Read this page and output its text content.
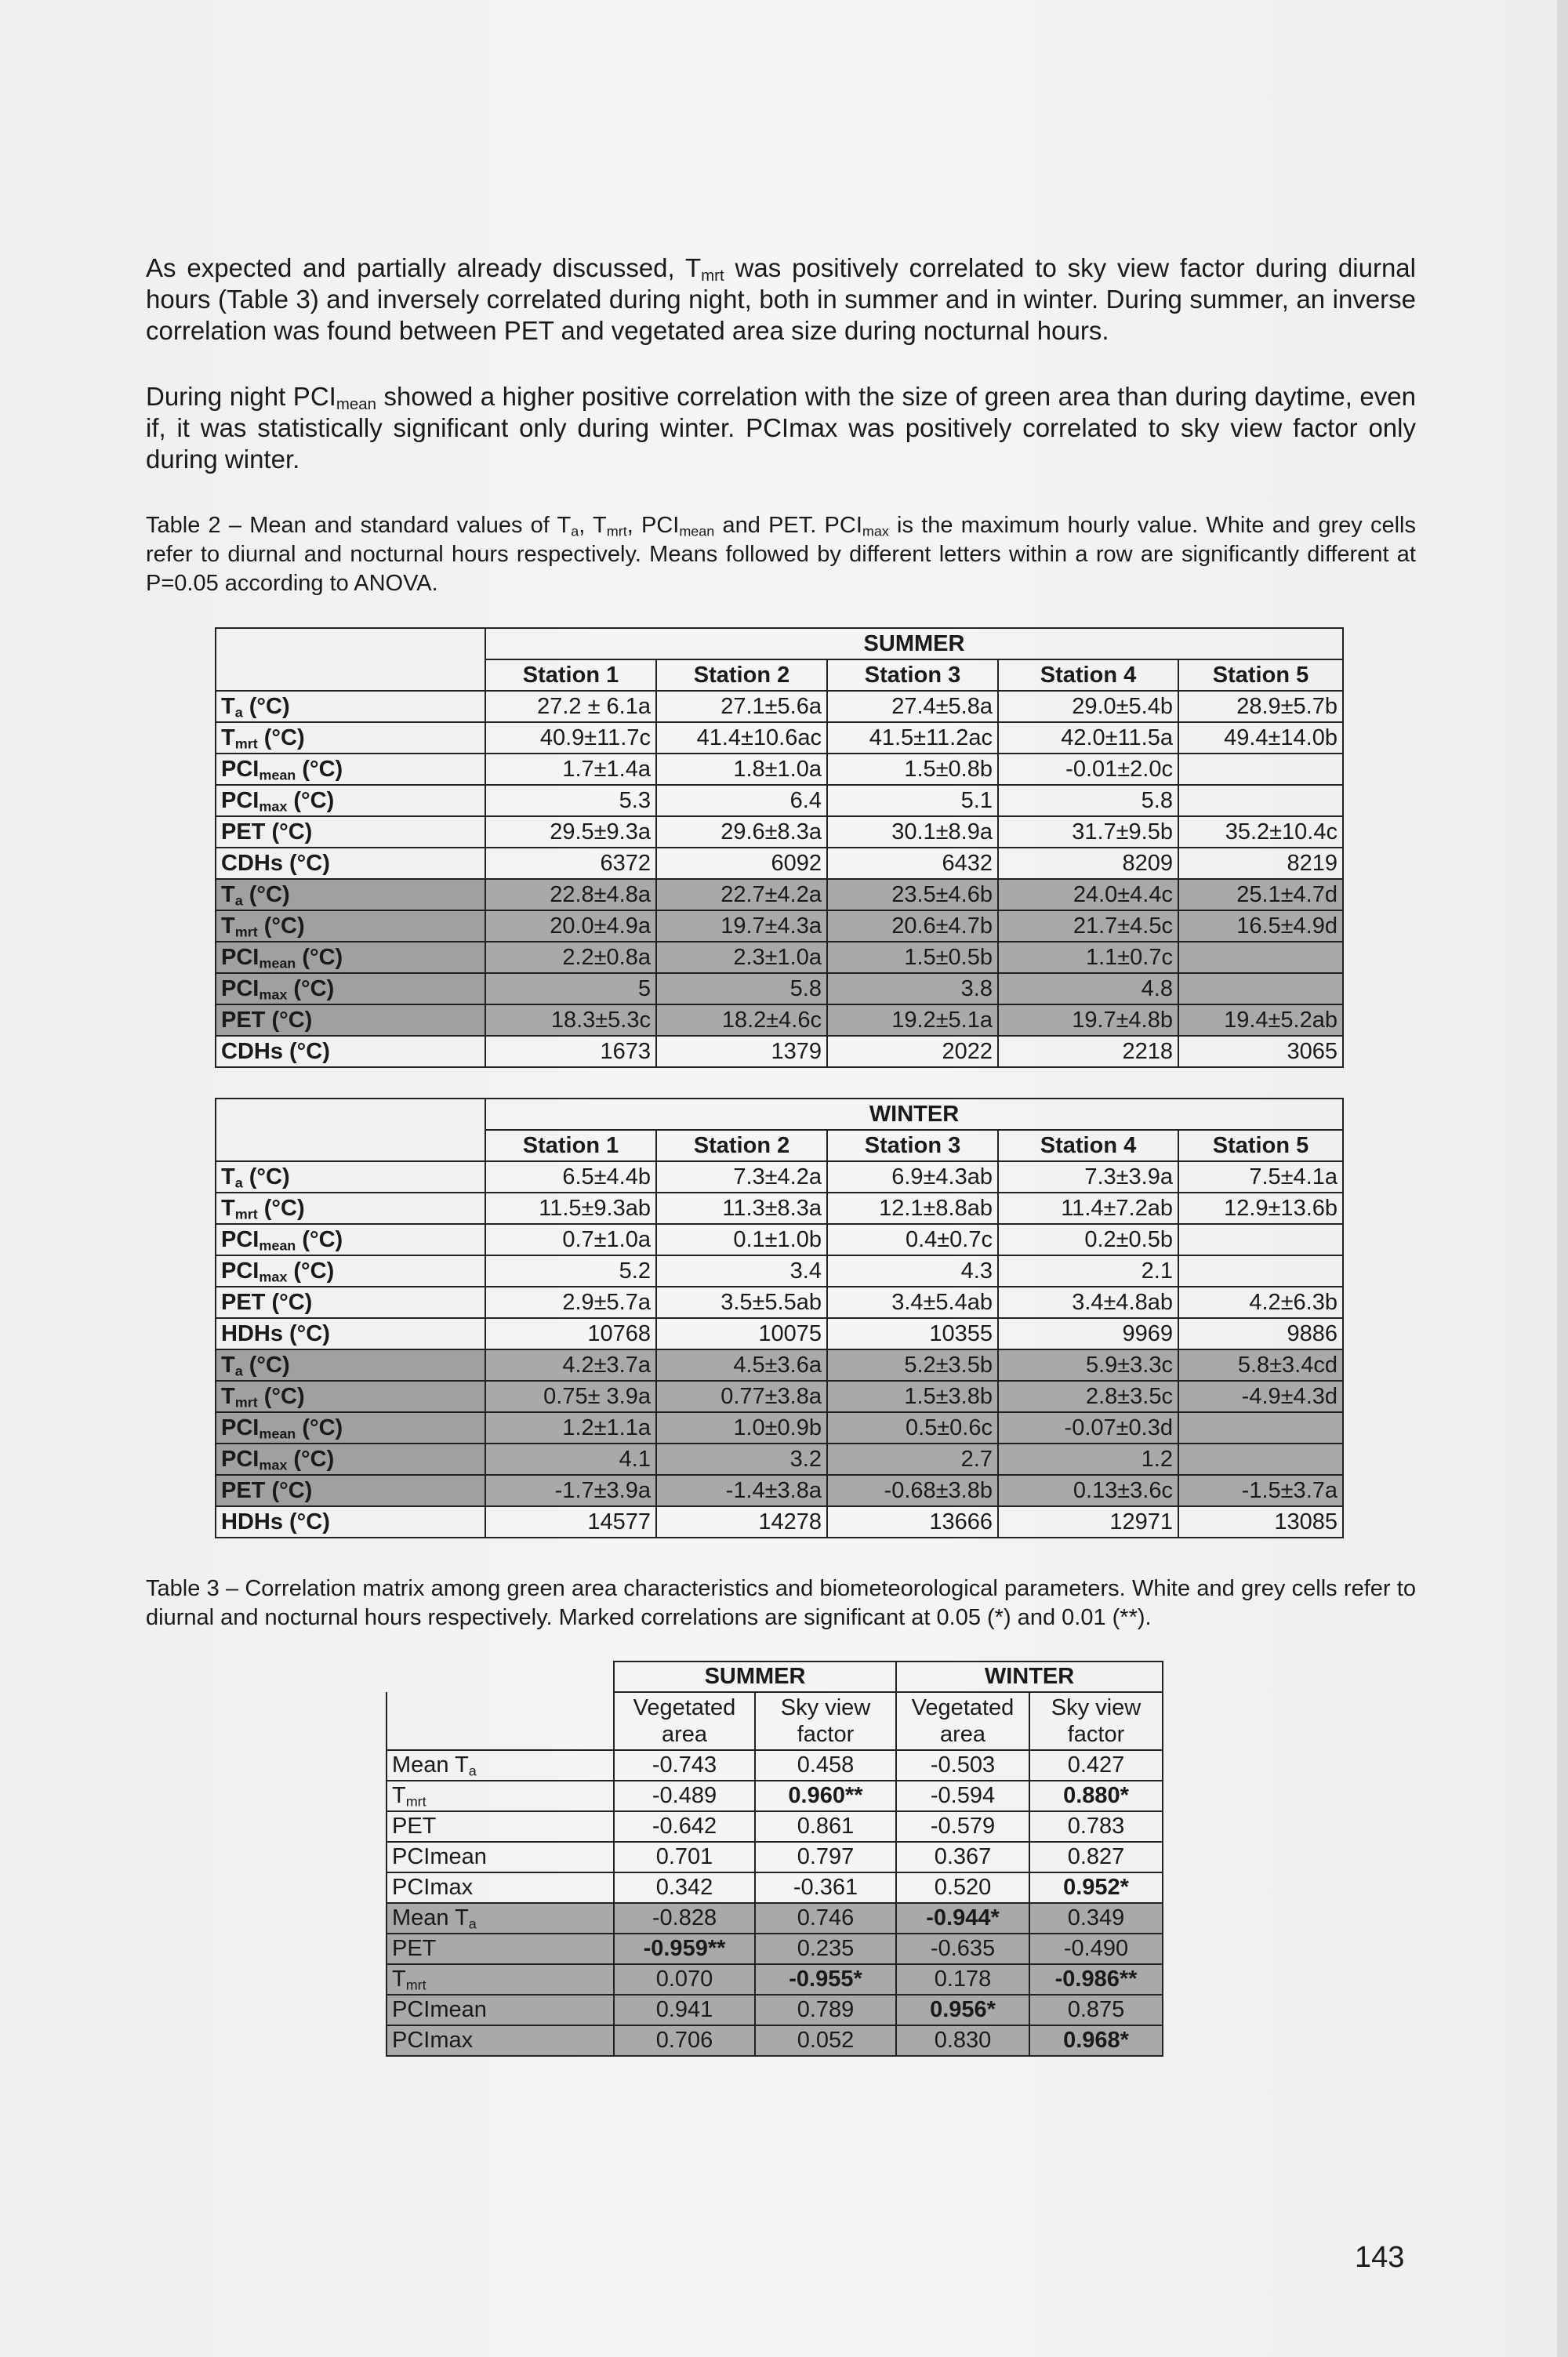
As expected and partially already discussed, $T_{mrt}$ was positively correlated to sky view factor during diurnal hours (Table 3) and inversely correlated during night, both in summer and in winter. During summer, an inverse correlation was found between PET and vegetated area size during nocturnal hours.
During night $PCI_{mean}$ showed a higher positive correlation with the size of green area than during daytime, even if, it was statistically significant only during winter. PCImax was positively correlated to sky view factor only during winter.
Table 2 – Mean and standard values of $T_a$, $T_{mrt}$, $PCI_{mean}$ and PET. $PCI_{max}$ is the maximum hourly value. White and grey cells refer to diurnal and nocturnal hours respectively. Means followed by different letters within a row are significantly different at P=0.05 according to ANOVA.
	SUMMER				
	Station 1	Station 2	Station 3	Station 4	Station 5
$T_a$ (°C)	27.2 ± 6.1a	27.1±5.6a	27.4±5.8a	29.0±5.4b	28.9±5.7b
$T_{mrt}$ (°C)	40.9±11.7c	41.4±10.6ac	41.5±11.2ac	42.0±11.5a	49.4±14.0b
$PCI_{mean}$ (°C)	1.7±1.4a	1.8±1.0a	1.5±0.8b	-0.01±2.0c	
$PCI_{max}$ (°C)	5.3	6.4	5.1	5.8	
PET (°C)	29.5±9.3a	29.6±8.3a	30.1±8.9a	31.7±9.5b	35.2±10.4c
CDHs (°C)	6372	6092	6432	8209	8219
$T_a$ (°C)	22.8±4.8a	22.7±4.2a	23.5±4.6b	24.0±4.4c	25.1±4.7d
$T_{mrt}$ (°C)	20.0±4.9a	19.7±4.3a	20.6±4.7b	21.7±4.5c	16.5±4.9d
$PCI_{mean}$ (°C)	2.2±0.8a	2.3±1.0a	1.5±0.5b	1.1±0.7c	
$PCI_{max}$ (°C)	5	5.8	3.8	4.8	
PET (°C)	18.3±5.3c	18.2±4.6c	19.2±5.1a	19.7±4.8b	19.4±5.2ab
CDHs (°C)	1673	1379	2022	2218	3065
	WINTER				
	Station 1	Station 2	Station 3	Station 4	Station 5
$T_a$ (°C)	6.5±4.4b	7.3±4.2a	6.9±4.3ab	7.3±3.9a	7.5±4.1a
$T_{mrt}$ (°C)	11.5±9.3ab	11.3±8.3a	12.1±8.8ab	11.4±7.2ab	12.9±13.6b
$PCI_{mean}$ (°C)	0.7±1.0a	0.1±1.0b	0.4±0.7c	0.2±0.5b	
$PCI_{max}$ (°C)	5.2	3.4	4.3	2.1	
PET (°C)	2.9±5.7a	3.5±5.5ab	3.4±5.4ab	3.4±4.8ab	4.2±6.3b
HDHs (°C)	10768	10075	10355	9969	9886
$T_a$ (°C)	4.2±3.7a	4.5±3.6a	5.2±3.5b	5.9±3.3c	5.8±3.4cd
$T_{mrt}$ (°C)	0.75± 3.9a	0.77±3.8a	1.5±3.8b	2.8±3.5c	-4.9±4.3d
$PCI_{mean}$ (°C)	1.2±1.1a	1.0±0.9b	0.5±0.6c	-0.07±0.3d	
$PCI_{max}$ (°C)	4.1	3.2	2.7	1.2	
PET (°C)	-1.7±3.9a	-1.4±3.8a	-0.68±3.8b	0.13±3.6c	-1.5±3.7a
HDHs (°C)	14577	14278	13666	12971	13085
Table 3 – Correlation matrix among green area characteristics and biometeorological parameters. White and grey cells refer to diurnal and nocturnal hours respectively. Marked correlations are significant at 0.05 (*) and 0.01 (**).
	SUMMER		WINTER	
	Vegetated area	Sky view factor	Vegetated area	Sky view factor
Mean $T_a$	-0.743	0.458	-0.503	0.427
$T_{mrt}$	-0.489	0.960**	-0.594	0.880*
PET	-0.642	0.861	-0.579	0.783
PCImean	0.701	0.797	0.367	0.827
PCImax	0.342	-0.361	0.520	0.952*
Mean $T_a$	-0.828	0.746	-0.944*	0.349
PET	-0.959**	0.235	-0.635	-0.490
$T_{mrt}$	0.070	-0.955*	0.178	-0.986**
PCImean	0.941	0.789	0.956*	0.875
PCImax	0.706	0.052	0.830	0.968*
143
